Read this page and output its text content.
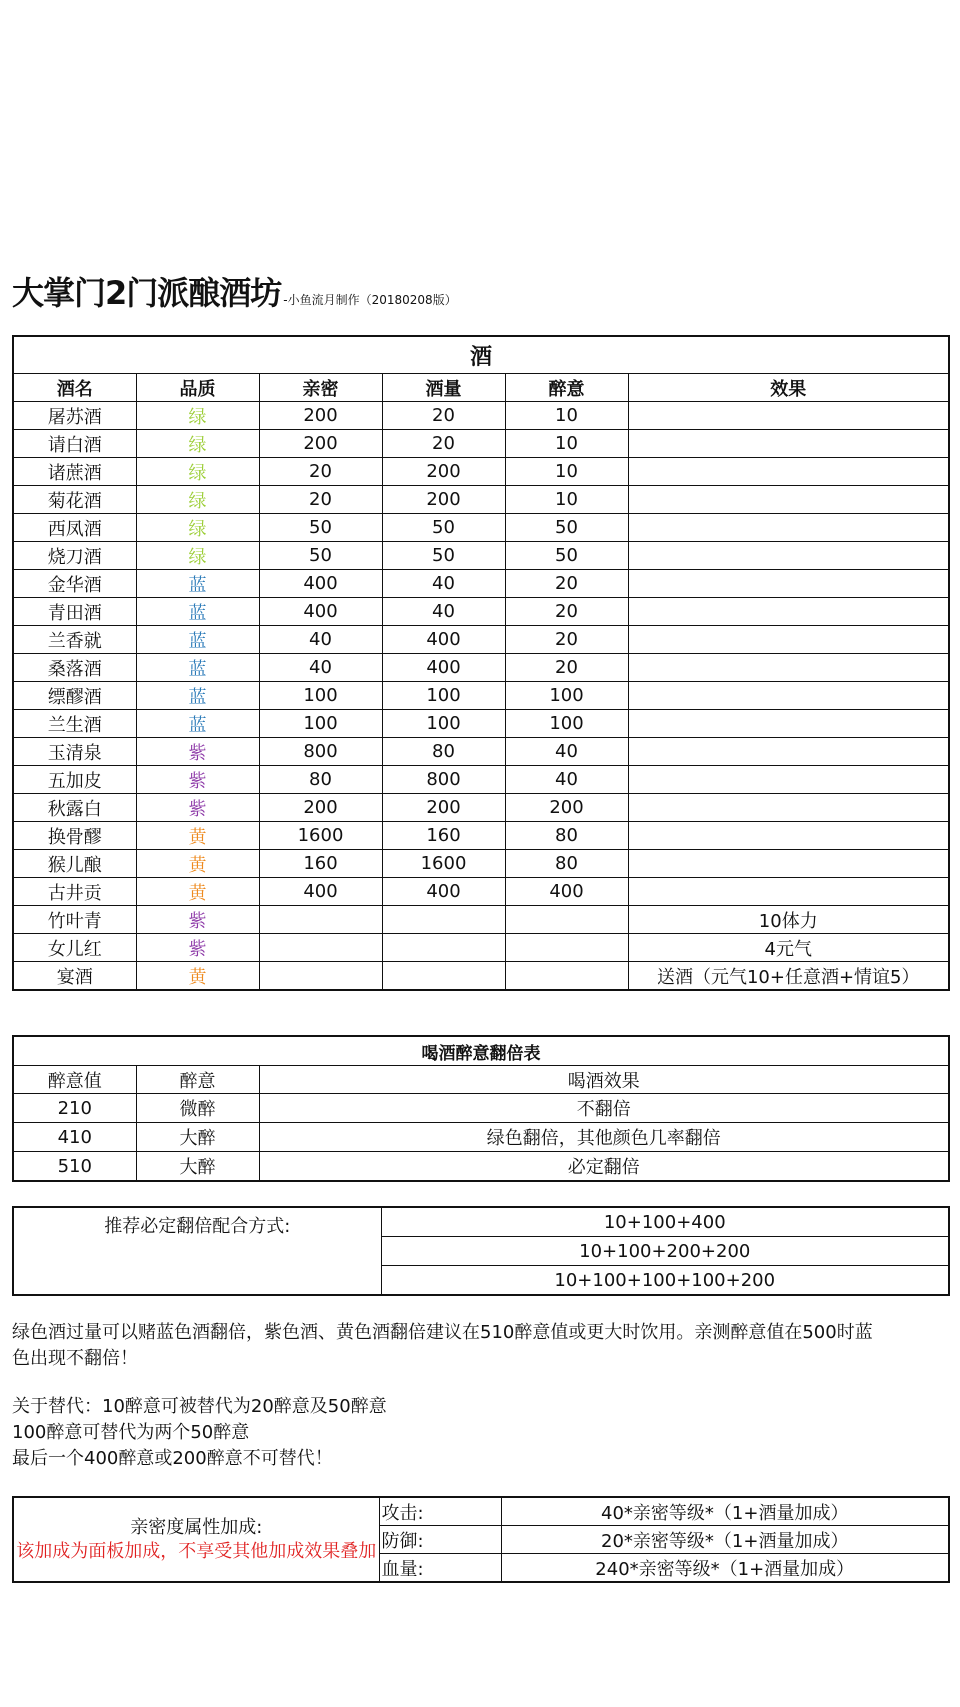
大掌门2门派酿酒坊 -小鱼流月制作（20180208版）
酒					
酒名	品质	亲密	酒量	醉意	效果
屠苏酒	绿	200	20	10	
请白酒	绿	200	20	10	
诸蔗酒	绿	20	200	10	
菊花酒	绿	20	200	10	
西凤酒	绿	50	50	50	
烧刀酒	绿	50	50	50	
金华酒	蓝	400	40	20	
青田酒	蓝	400	40	20	
兰香就	蓝	40	400	20	
桑落酒	蓝	40	400	20	
缥醪酒	蓝	100	100	100	
兰生酒	蓝	100	100	100	
玉清泉	紫	800	80	40	
五加皮	紫	80	800	40	
秋露白	紫	200	200	200	
换骨醪	黄	1600	160	80	
猴儿酿	黄	160	1600	80	
古井贡	黄	400	400	400	
竹叶青	紫				10体力
女儿红	紫				4元气
宴酒	黄				送酒（元气10+任意酒+情谊5）
喝酒醉意翻倍表		
醉意值	醉意	喝酒效果
210	微醉	不翻倍
410	大醉	绿色翻倍，其他颜色几率翻倍
510	大醉	必定翻倍
推荐必定翻倍配合方式:	10+100+400
10+100+200+200
10+100+100+100+200
绿色酒过量可以赌蓝色酒翻倍，紫色酒、黄色酒翻倍建议在510醉意值或更大时饮用。亲测醉意值在500时蓝
色出现不翻倍！
关于替代：10醉意可被替代为20醉意及50醉意
100醉意可替代为两个50醉意
最后一个400醉意或200醉意不可替代！
亲密度属性加成:
该加成为面板加成，不享受其他加成效果叠加	攻击:	40*亲密等级*（1+酒量加成）
	防御:	20*亲密等级*（1+酒量加成）
	血量:	240*亲密等级*（1+酒量加成）
